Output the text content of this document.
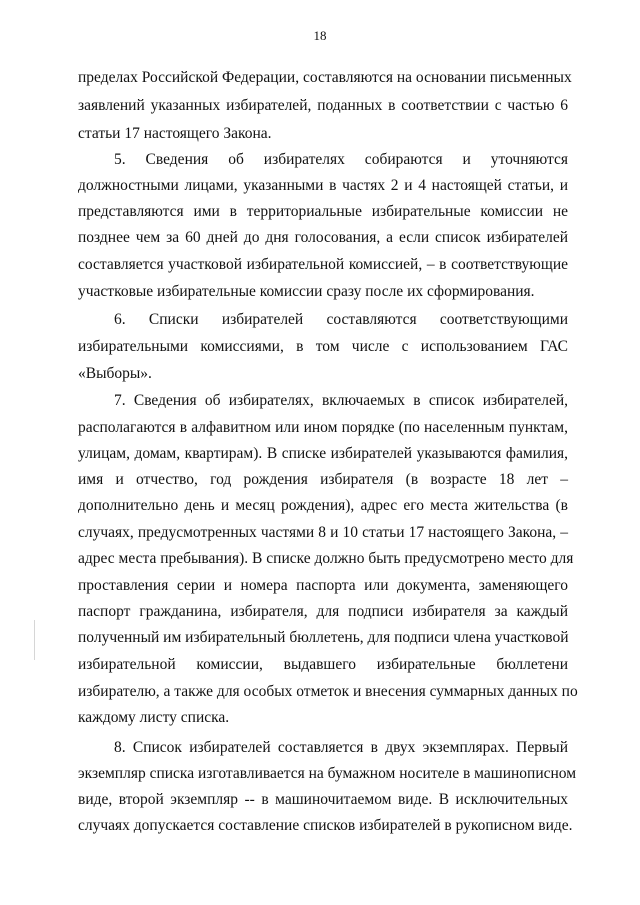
18

пределах Российской Федерации, составляются на основании письменных

заявлений указанных избирателей, поданных в соответствии с частью 6

статьи 17 настоящего Закона.

5. Сведения об избирателях собираются и уточняются

должностными лицами, указанными в частях 2 и 4 настоящей статьи, и

представляются ими в территориальные избирательные комиссии не

позднее чем за 60 дней до дня голосования, а если список избирателей

составляется участковой избирательной комиссией, – в соответствующие

участковые избирательные комиссии сразу после их сформирования.

6. Списки избирателей составляются соответствующими

избирательными комиссиями, в том числе с использованием ГАС

«Выборы».

7. Сведения об избирателях, включаемых в список избирателей,

располагаются в алфавитном или ином порядке (по населенным пунктам,

улицам, домам, квартирам). В списке избирателей указываются фамилия,

имя и отчество, год рождения избирателя (в возрасте 18 лет –

дополнительно день и месяц рождения), адрес его места жительства (в

случаях, предусмотренных частями 8 и 10 статьи 17 настоящего Закона, –

адрес места пребывания). В списке должно быть предусмотрено место для

проставления серии и номера паспорта или документа, заменяющего

паспорт гражданина, избирателя, для подписи избирателя за каждый

полученный им избирательный бюллетень, для подписи члена участковой

избирательной комиссии, выдавшего избирательные бюллетени

избирателю, а также для особых отметок и внесения суммарных данных по

каждому листу списка.

8. Список избирателей составляется в двух экземплярах. Первый

экземпляр списка изготавливается на бумажном носителе в машинописном

виде, второй экземпляр -- в машиночитаемом виде. В исключительных

случаях допускается составление списков избирателей в рукописном виде.
